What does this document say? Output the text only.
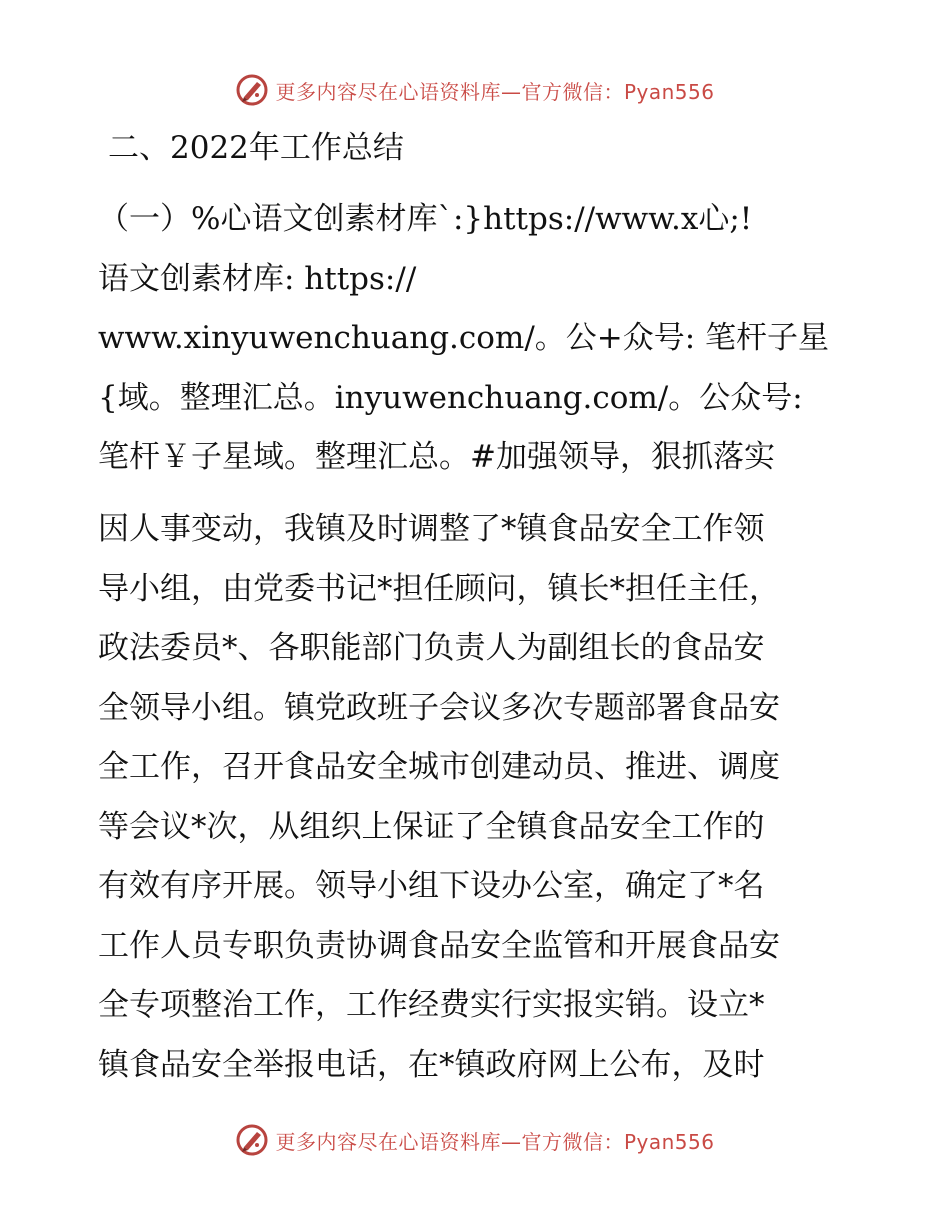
更多内容尽在心语资料库—官方微信：Pyan556
二、2022年工作总结

（一）%心语文创素材库`:}https://www.x心;!
语文创素材库: https://
www.xinyuwenchuang.com/。公+众号: 笔杆子星
{域。整理汇总。inyuwenchuang.com/。公众号:
笔杆￥子星域。整理汇总。#加强领导，狠抓落实

因人事变动，我镇及时调整了*镇食品安全工作领
导小组，由党委书记*担任顾问，镇长*担任主任，
政法委员*、各职能部门负责人为副组长的食品安
全领导小组。镇党政班子会议多次专题部署食品安
全工作，召开食品安全城市创建动员、推进、调度
等会议*次，从组织上保证了全镇食品安全工作的
有效有序开展。领导小组下设办公室，确定了*名
工作人员专职负责协调食品安全监管和开展食品安
全专项整治工作，工作经费实行实报实销。设立*
镇食品安全举报电话，在*镇政府网上公布，及时

更多内容尽在心语资料库—官方微信：Pyan556
